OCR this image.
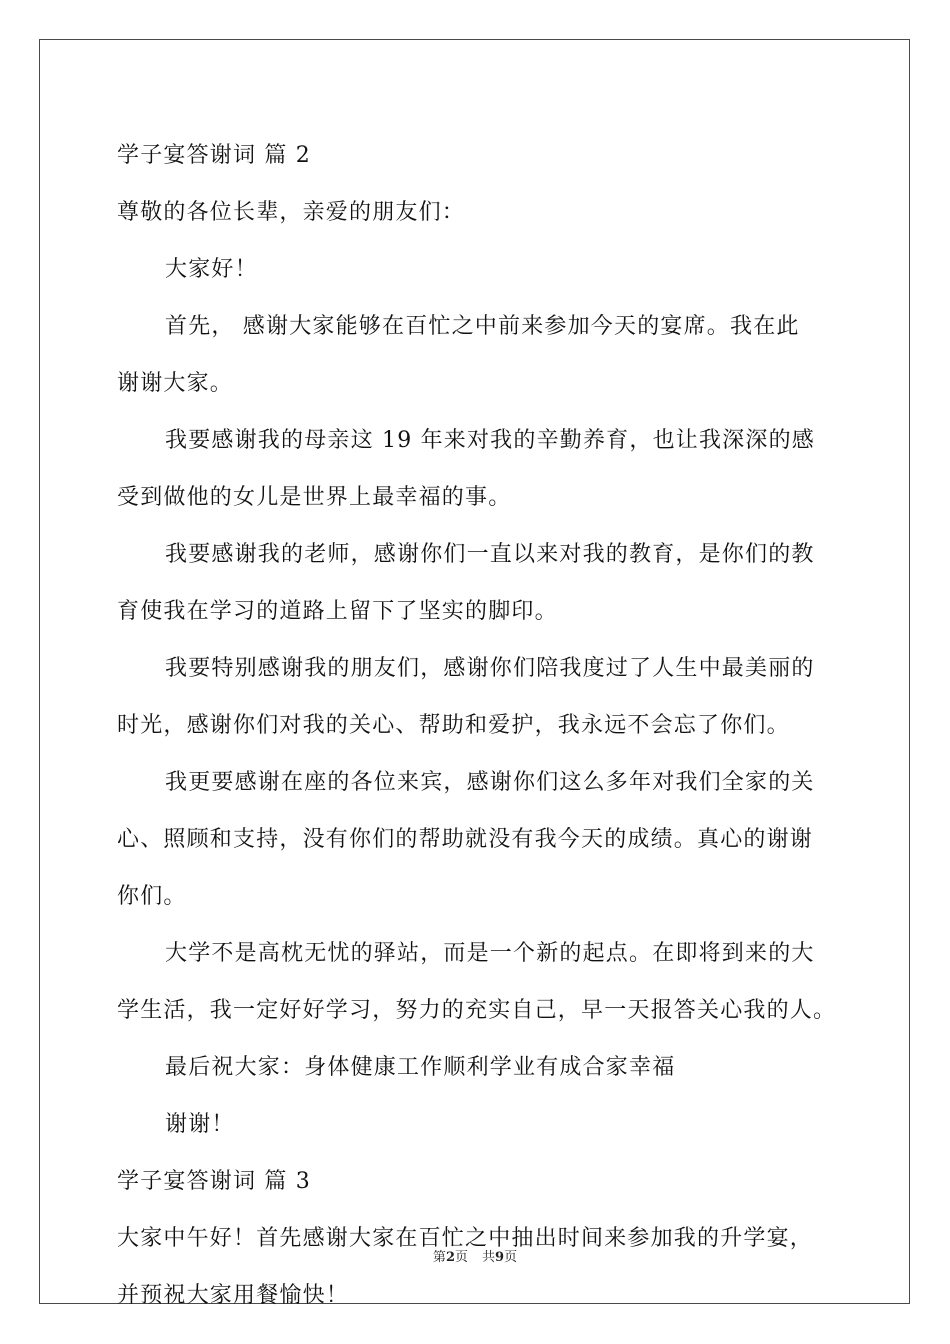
学子宴答谢词 篇 2
尊敬的各位长辈，亲爱的朋友们：
大家好！
首先， 感谢大家能够在百忙之中前来参加今天的宴席。我在此
谢谢大家。
我要感谢我的母亲这 19 年来对我的辛勤养育，也让我深深的感
受到做他的女儿是世界上最幸福的事。
我要感谢我的老师，感谢你们一直以来对我的教育，是你们的教
育使我在学习的道路上留下了坚实的脚印。
我要特别感谢我的朋友们，感谢你们陪我度过了人生中最美丽的
时光，感谢你们对我的关心、帮助和爱护，我永远不会忘了你们。
我更要感谢在座的各位来宾，感谢你们这么多年对我们全家的关
心、照顾和支持，没有你们的帮助就没有我今天的成绩。真心的谢谢
你们。
大学不是高枕无忧的驿站，而是一个新的起点。在即将到来的大
学生活，我一定好好学习，努力的充实自己，早一天报答关心我的人。
最后祝大家：身体健康工作顺利学业有成合家幸福
谢谢！
学子宴答谢词 篇 3
大家中午好！首先感谢大家在百忙之中抽出时间来参加我的升学宴，
并预祝大家用餐愉快！
第2页 共9页
